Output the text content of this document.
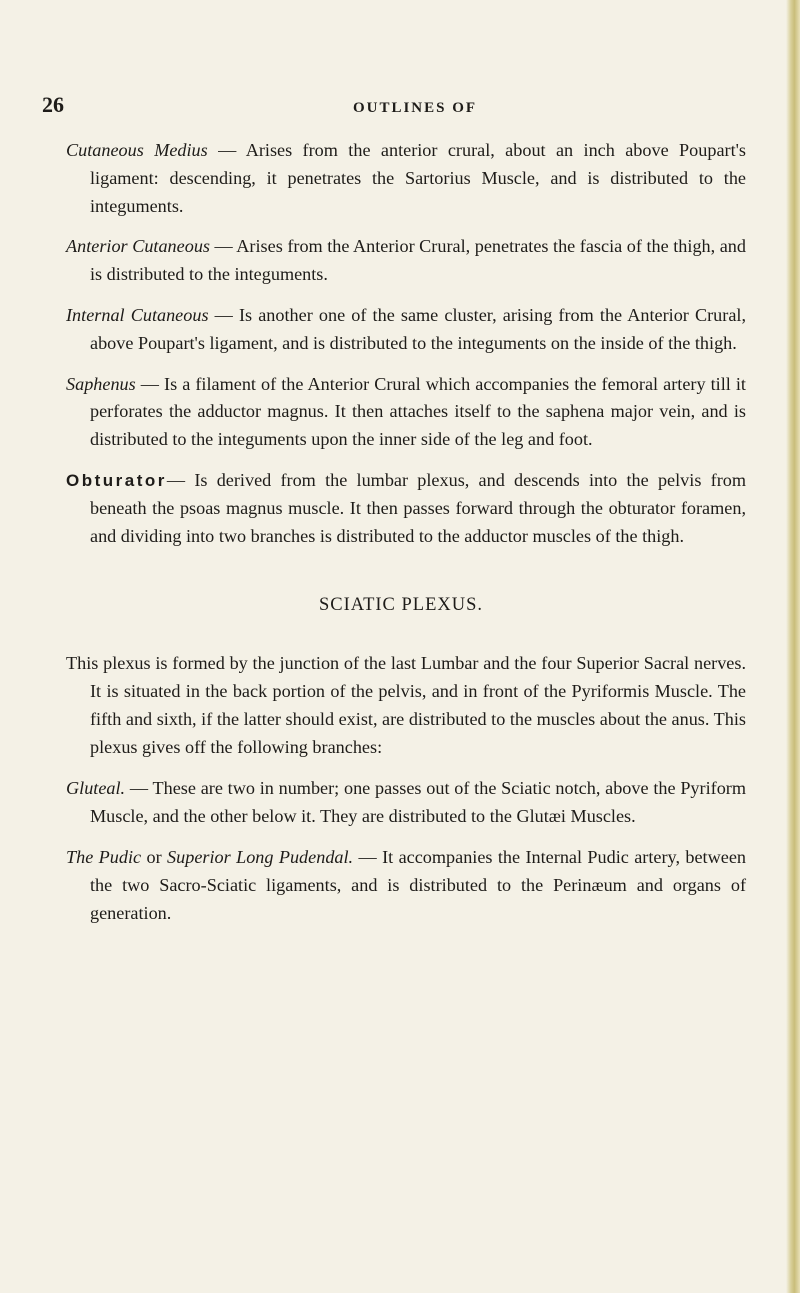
26	OUTLINES OF

Cutaneous Medius — Arises from the anterior crural, about an inch above Poupart's ligament: descending, it penetrates the Sartorius Muscle, and is distributed to the integuments.

Anterior Cutaneous — Arises from the Anterior Crural, penetrates the fascia of the thigh, and is distributed to the integuments.

Internal Cutaneous — Is another one of the same cluster, arising from the Anterior Crural, above Poupart's ligament, and is distributed to the integuments on the inside of the thigh.

Saphenus — Is a filament of the Anterior Crural which accompanies the femoral artery till it perforates the adductor magnus. It then attaches itself to the saphena major vein, and is distributed to the integuments upon the inner side of the leg and foot.

Obturator— Is derived from the lumbar plexus, and descends into the pelvis from beneath the psoas magnus muscle. It then passes forward through the obturator foramen, and dividing into two branches is distributed to the adductor muscles of the thigh.

SCIATIC PLEXUS.

This plexus is formed by the junction of the last Lumbar and the four Superior Sacral nerves. It is situated in the back portion of the pelvis, and in front of the Pyriformis Muscle. The fifth and sixth, if the latter should exist, are distributed to the muscles about the anus. This plexus gives off the following branches:

Gluteal. — These are two in number; one passes out of the Sciatic notch, above the Pyriform Muscle, and the other below it. They are distributed to the Glutæi Muscles.

The Pudic or Superior Long Pudendal. — It accompanies the Internal Pudic artery, between the two Sacro-Sciatic ligaments, and is distributed to the Perinæum and organs of generation.
